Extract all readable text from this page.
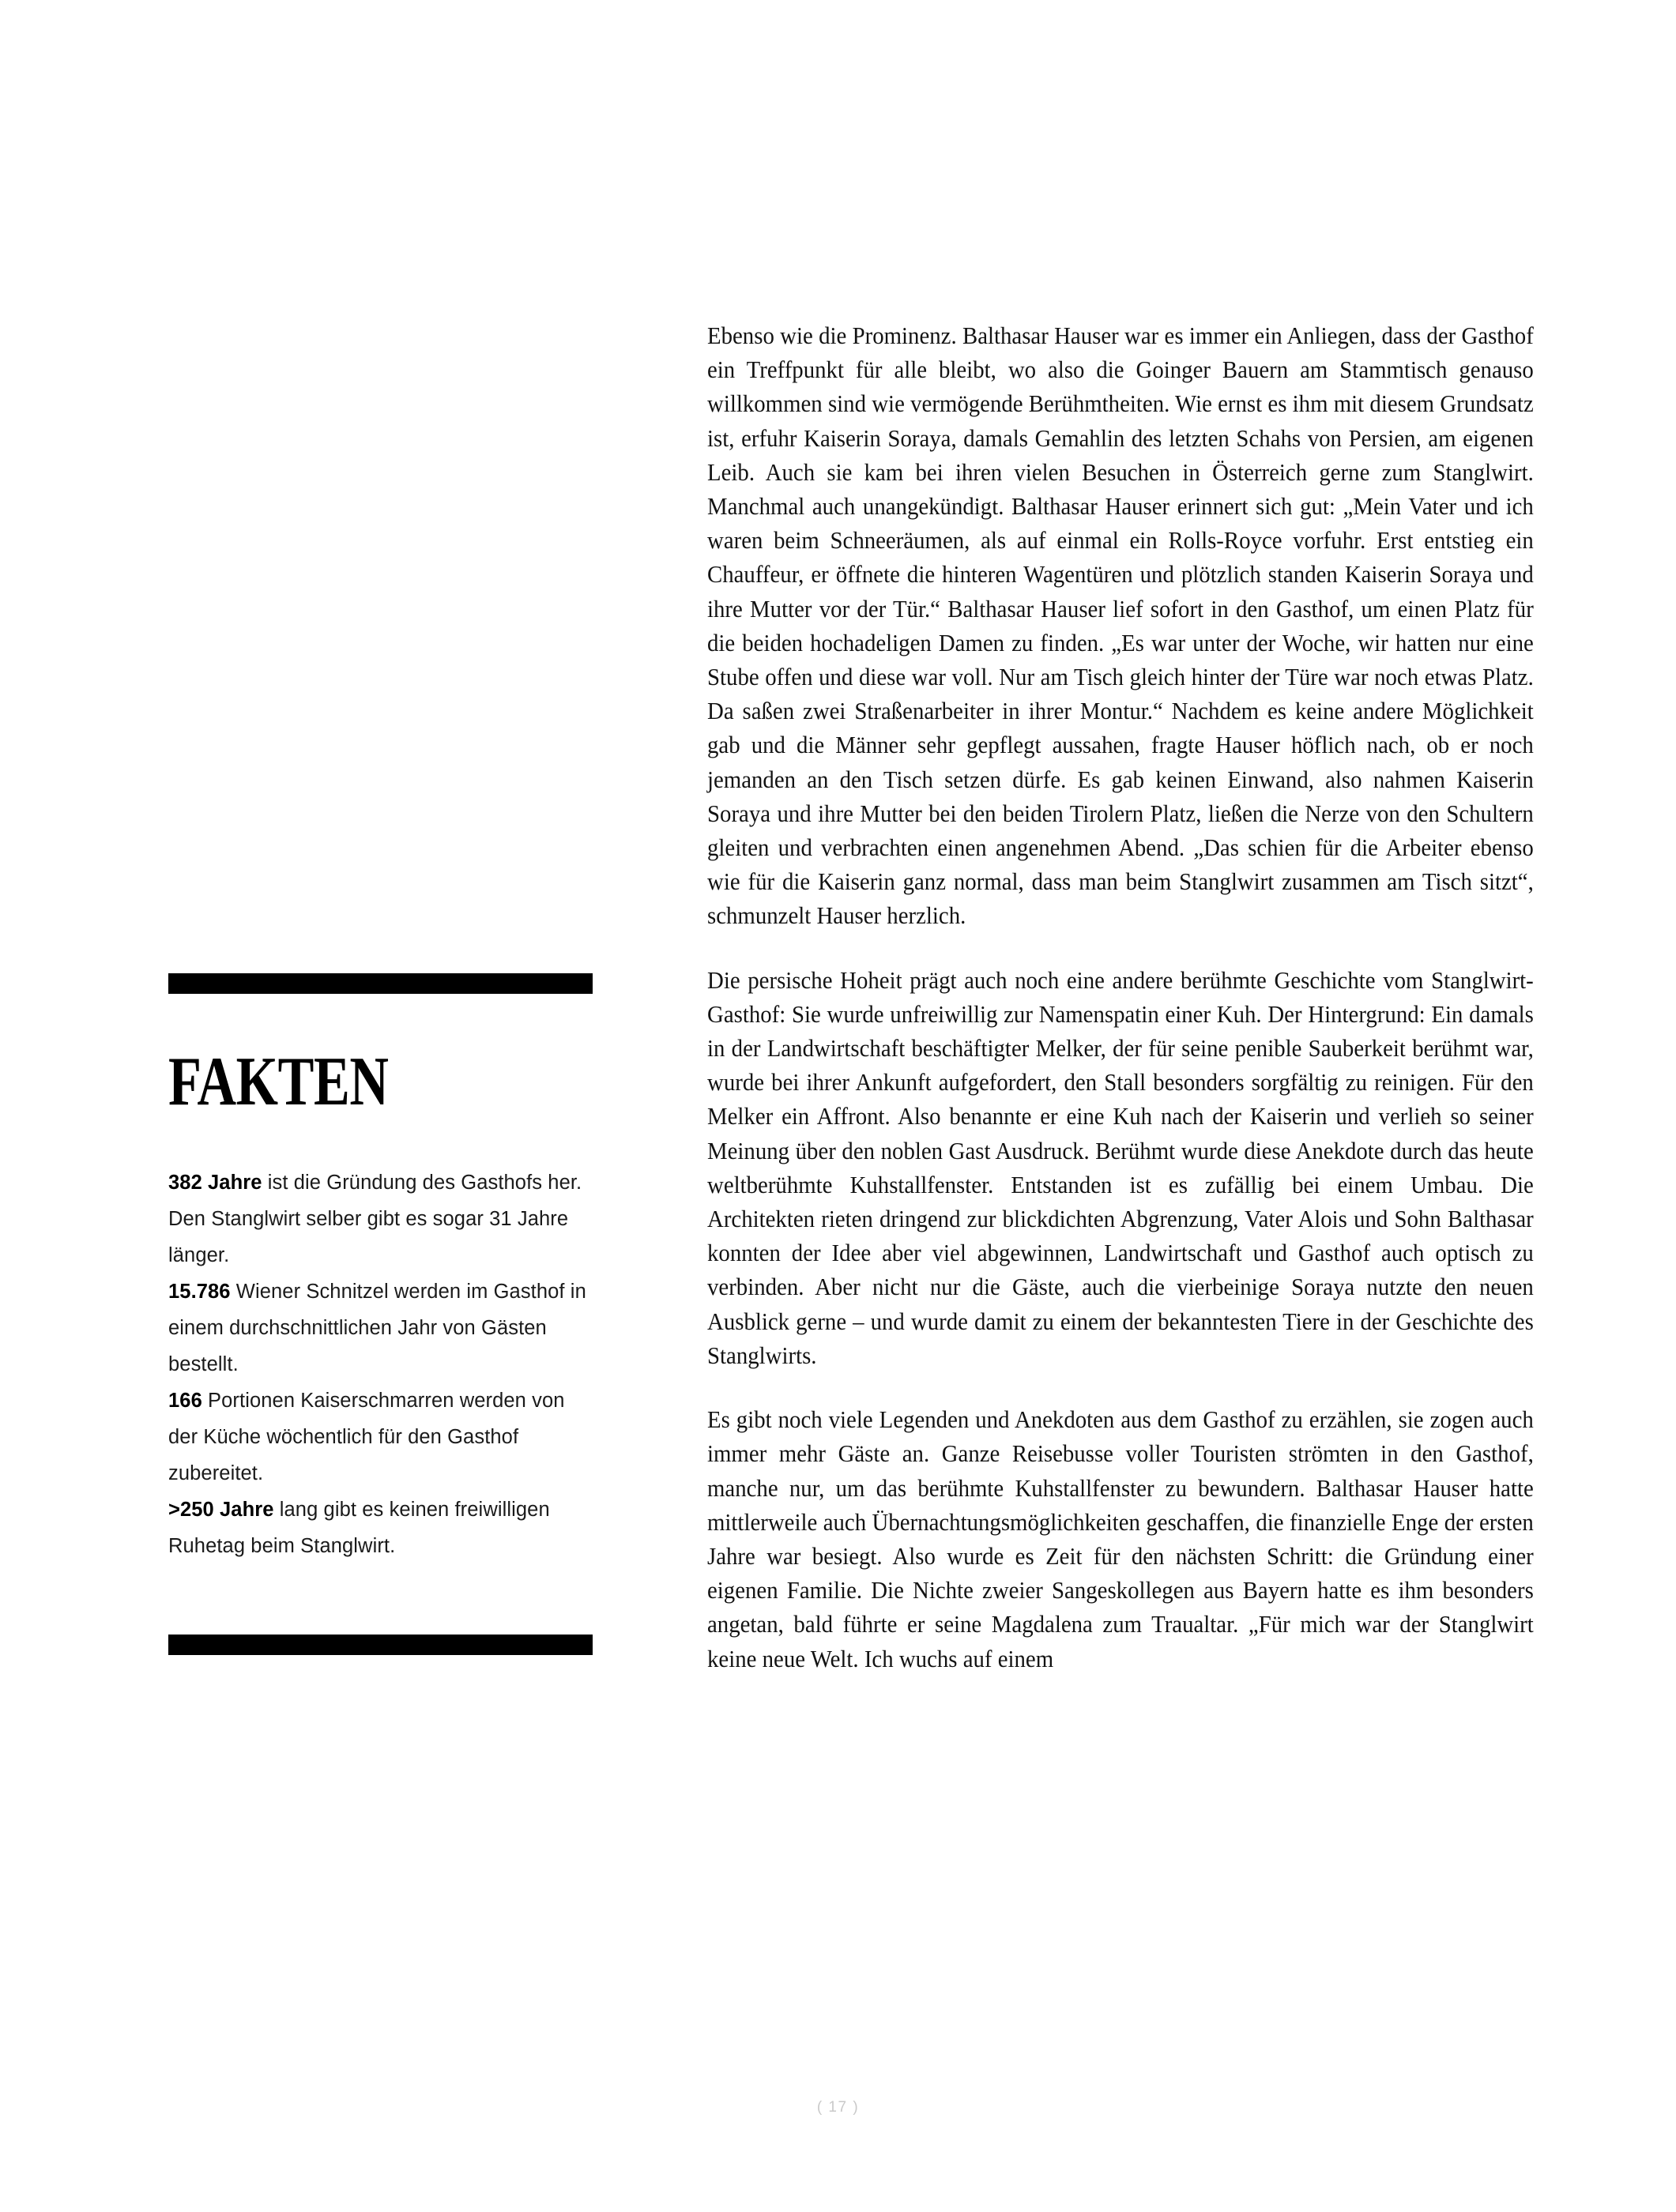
FAKTEN

382 Jahre ist die Gründung des Gasthofs her. Den Stanglwirt selber gibt es sogar 31 Jahre länger.

15.786 Wiener Schnitzel werden im Gasthof in einem durchschnittlichen Jahr von Gästen bestellt.

166 Portionen Kaiserschmarren werden von der Küche wöchentlich für den Gasthof zubereitet.

>250 Jahre lang gibt es keinen freiwilligen Ruhetag beim Stanglwirt.

Ebenso wie die Prominenz. Balthasar Hauser war es immer ein Anliegen, dass der Gasthof ein Treffpunkt für alle bleibt, wo also die Goinger Bauern am Stammtisch genauso willkommen sind wie vermögende Berühmtheiten. Wie ernst es ihm mit diesem Grundsatz ist, erfuhr Kaiserin Soraya, damals Gemahlin des letzten Schahs von Persien, am eigenen Leib. Auch sie kam bei ihren vielen Besuchen in Österreich gerne zum Stanglwirt. Manchmal auch unangekündigt. Balthasar Hauser erinnert sich gut: „Mein Vater und ich waren beim Schneeräumen, als auf einmal ein Rolls-Royce vorfuhr. Erst entstieg ein Chauffeur, er öffnete die hinteren Wagentüren und plötzlich standen Kaiserin Soraya und ihre Mutter vor der Tür.“ Balthasar Hauser lief sofort in den Gasthof, um einen Platz für die beiden hochadeligen Damen zu finden. „Es war unter der Woche, wir hatten nur eine Stube offen und diese war voll. Nur am Tisch gleich hinter der Türe war noch etwas Platz. Da saßen zwei Straßenarbeiter in ihrer Montur.“ Nachdem es keine andere Möglichkeit gab und die Männer sehr gepflegt aussahen, fragte Hauser höflich nach, ob er noch jemanden an den Tisch setzen dürfe. Es gab keinen Einwand, also nahmen Kaiserin Soraya und ihre Mutter bei den beiden Tirolern Platz, ließen die Nerze von den Schultern gleiten und verbrachten einen angenehmen Abend. „Das schien für die Arbeiter ebenso wie für die Kaiserin ganz normal, dass man beim Stanglwirt zusammen am Tisch sitzt“, schmunzelt Hauser herzlich.

Die persische Hoheit prägt auch noch eine andere berühmte Geschichte vom Stanglwirt-Gasthof: Sie wurde unfreiwillig zur Namenspatin einer Kuh. Der Hintergrund: Ein damals in der Landwirtschaft beschäftigter Melker, der für seine penible Sauberkeit berühmt war, wurde bei ihrer Ankunft aufgefordert, den Stall besonders sorgfältig zu reinigen. Für den Melker ein Affront. Also benannte er eine Kuh nach der Kaiserin und verlieh so seiner Meinung über den noblen Gast Ausdruck. Berühmt wurde diese Anekdote durch das heute weltberühmte Kuhstallfenster. Entstanden ist es zufällig bei einem Umbau. Die Architekten rieten dringend zur blickdichten Abgrenzung, Vater Alois und Sohn Balthasar konnten der Idee aber viel abgewinnen, Landwirtschaft und Gasthof auch optisch zu verbinden. Aber nicht nur die Gäste, auch die vierbeinige Soraya nutzte den neuen Ausblick gerne – und wurde damit zu einem der bekanntesten Tiere in der Geschichte des Stanglwirts.

Es gibt noch viele Legenden und Anekdoten aus dem Gasthof zu erzählen, sie zogen auch immer mehr Gäste an. Ganze Reisebusse voller Touristen strömten in den Gasthof, manche nur, um das berühmte Kuhstallfenster zu bewundern. Balthasar Hauser hatte mittlerweile auch Übernachtungsmöglichkeiten geschaffen, die finanzielle Enge der ersten Jahre war besiegt. Also wurde es Zeit für den nächsten Schritt: die Gründung einer eigenen Familie. Die Nichte zweier Sangeskollegen aus Bayern hatte es ihm besonders angetan, bald führte er seine Magdalena zum Traualtar. „Für mich war der Stanglwirt keine neue Welt. Ich wuchs auf einem

( 17 )
